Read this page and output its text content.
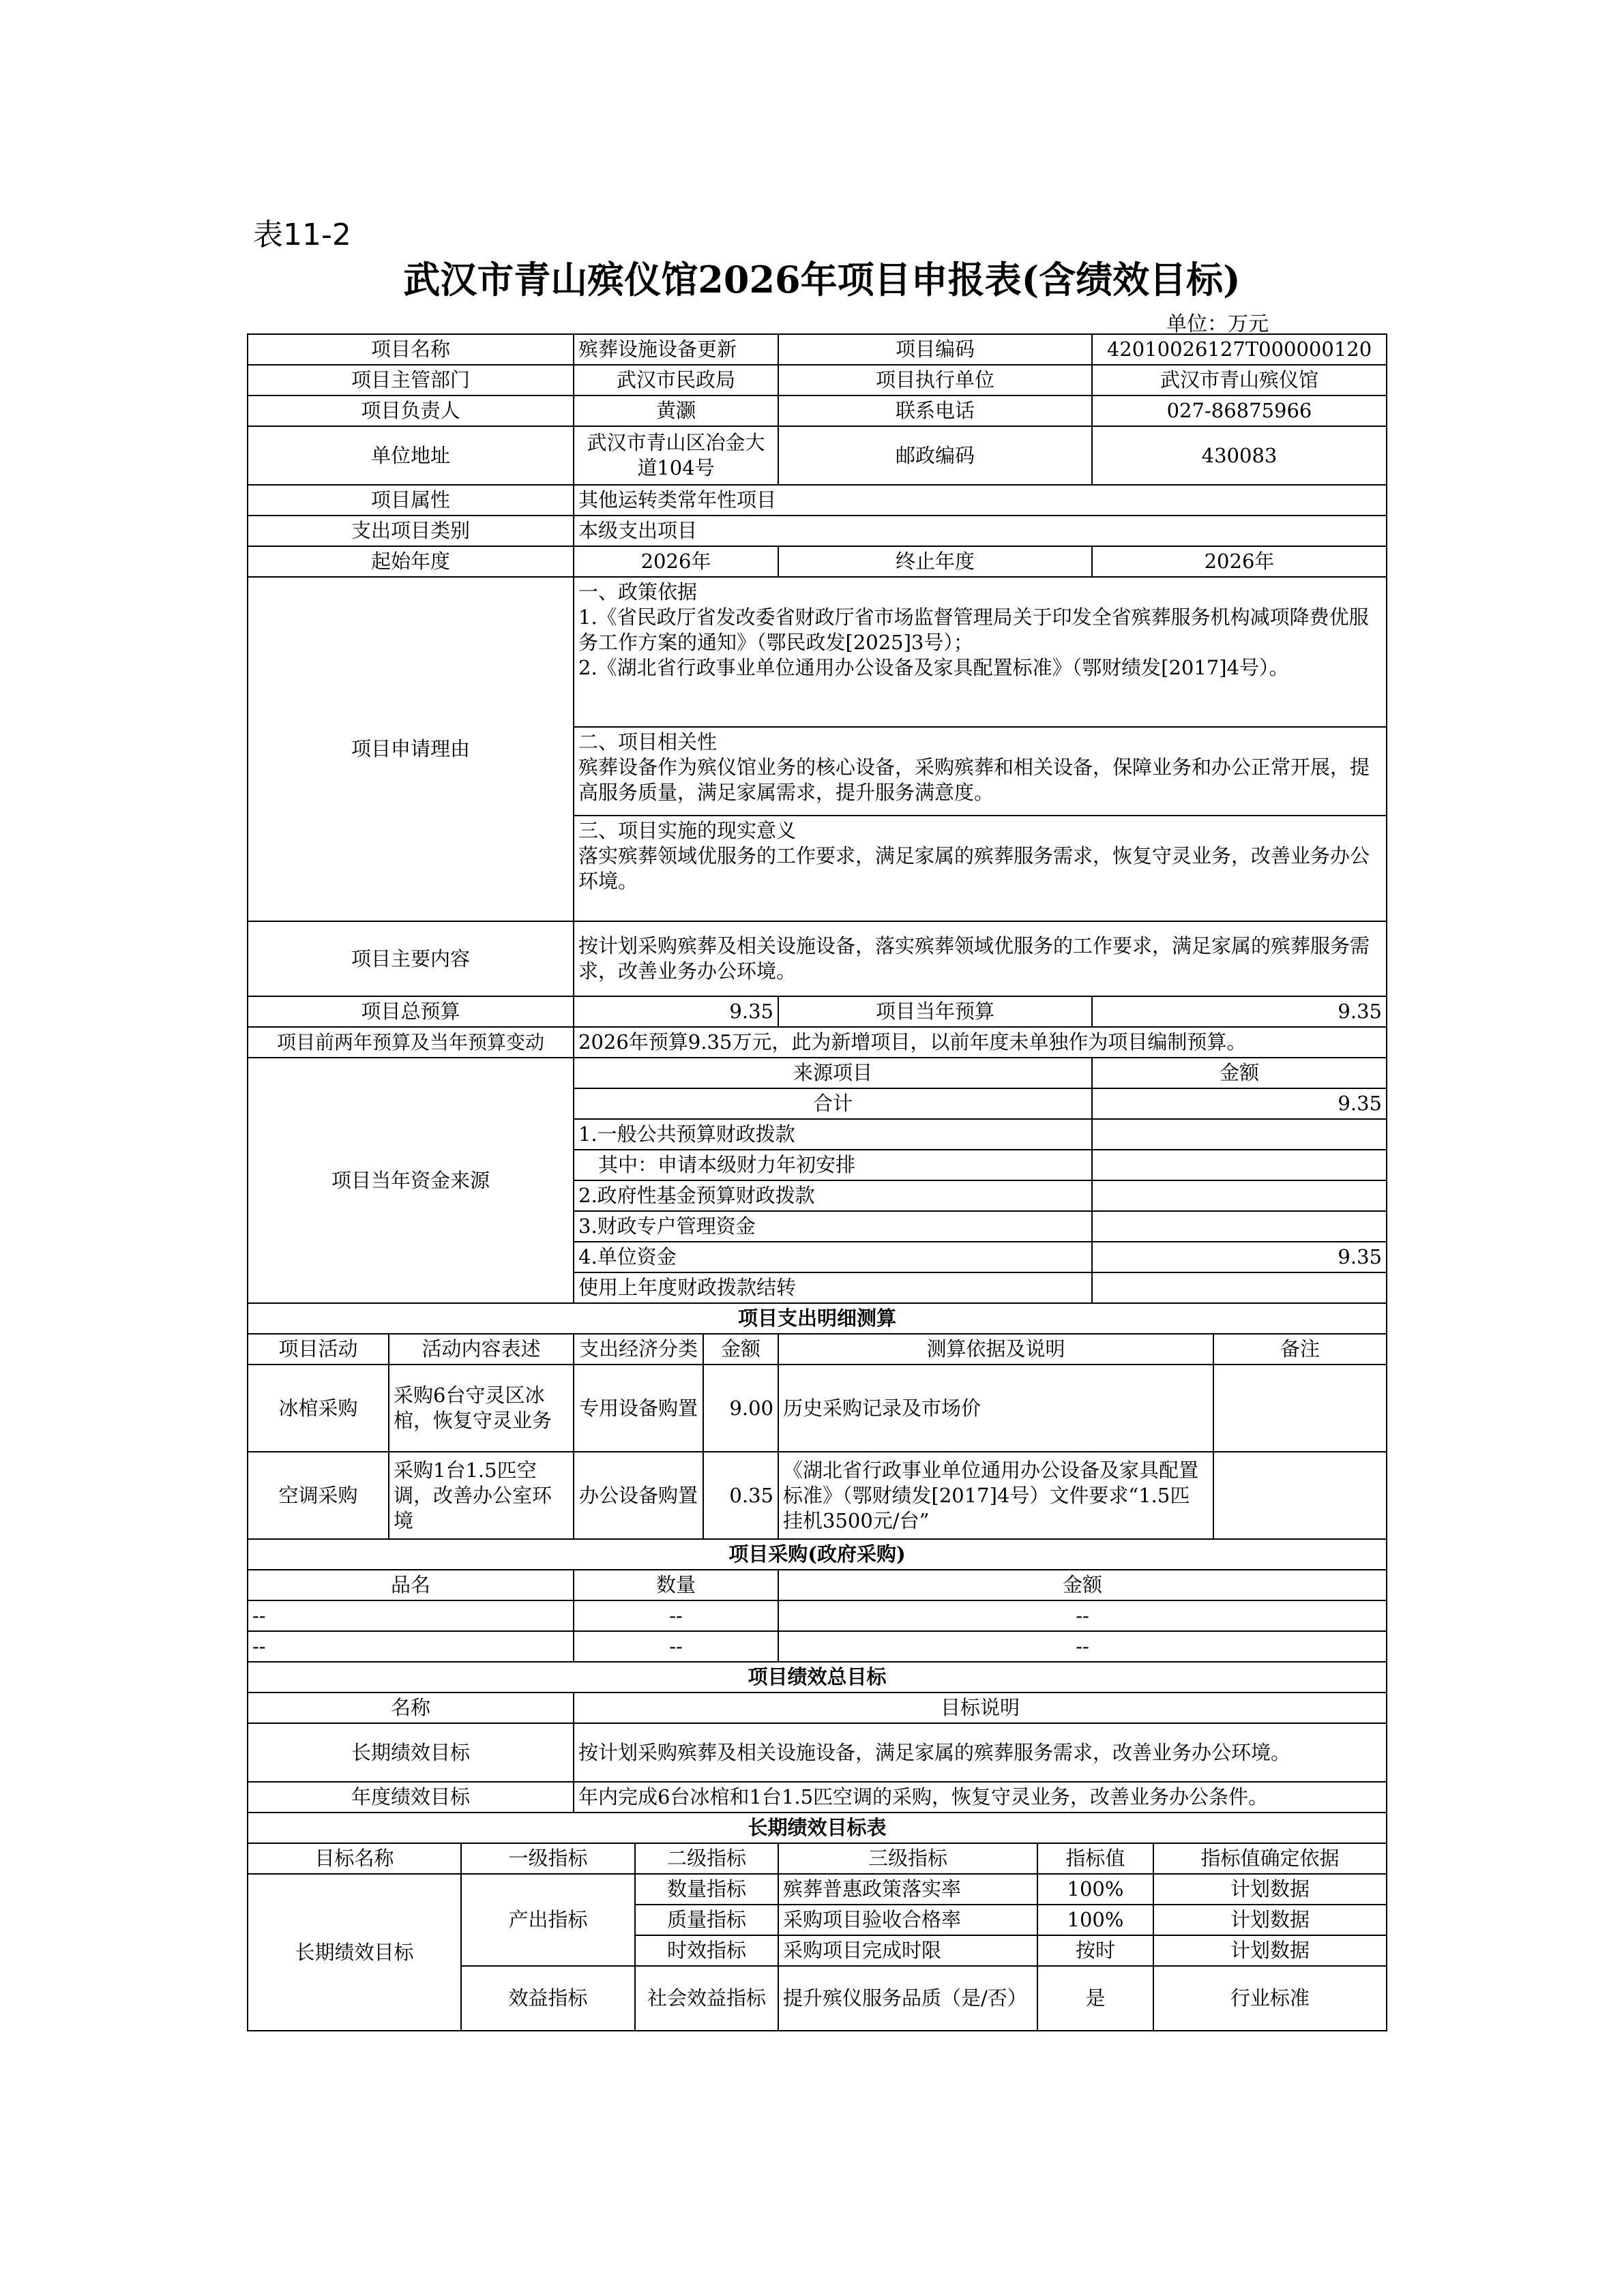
表11-2
武汉市青山殡仪馆2026年项目申报表(含绩效目标)
单位：万元
项目名称	殡葬设施设备更新	项目编码	42010026127T000000120
项目主管部门	武汉市民政局	项目执行单位	武汉市青山殡仪馆
项目负责人	黄灏	联系电话	027-86875966
单位地址	武汉市青山区冶金大道104号	邮政编码	430083
项目属性	其他运转类常年性项目		
支出项目类别	本级支出项目		
起始年度	2026年	终止年度	2026年
项目申请理由	一、政策依据
1.《省民政厅省发改委省财政厅省市场监督管理局关于印发全省殡葬服务机构减项降费优服务工作方案的通知》（鄂民政发[2025]3号）；
2.《湖北省行政事业单位通用办公设备及家具配置标准》（鄂财绩发[2017]4号）。		

	二、项目相关性
殡葬设备作为殡仪馆业务的核心设备，采购殡葬和相关设备，保障业务和办公正常开展，提高服务质量，满足家属需求，提升服务满意度。		

	三、项目实施的现实意义
落实殡葬领域优服务的工作要求，满足家属的殡葬服务需求，恢复守灵业务，改善业务办公环境。		

项目主要内容	按计划采购殡葬及相关设施设备，落实殡葬领域优服务的工作要求，满足家属的殡葬服务需求，改善业务办公环境。		
项目总预算	9.35	项目当年预算	9.35
项目前两年预算及当年预算变动	2026年预算9.35万元，此为新增项目，以前年度未单独作为项目编制预算。		
项目当年资金来源	来源项目		金额
	合计		9.35
	1.一般公共预算财政拨款		
	　其中：申请本级财力年初安排		
	2.政府性基金预算财政拨款		
	3.财政专户管理资金		
	4.单位资金		9.35
	使用上年度财政拨款结转		
项目支出明细测算			
项目活动	活动内容表述	支出经济分类	金额	测算依据及说明	备注
冰棺采购	采购6台守灵区冰棺，恢复守灵业务	专用设备购置	9.00	历史采购记录及市场价	
空调采购	采购1台1.5匹空调，改善办公室环境	办公设备购置	0.35	《湖北省行政事业单位通用办公设备及家具配置标准》（鄂财绩发[2017]4号）文件要求“1.5匹挂机3500元/台”	
项目采购(政府采购)		
品名	数量	金额
--	--	--
--	--	--
项目绩效总目标		
名称	目标说明	
长期绩效目标	按计划采购殡葬及相关设施设备，满足家属的殡葬服务需求，改善业务办公环境。	
年度绩效目标	年内完成6台冰棺和1台1.5匹空调的采购，恢复守灵业务，改善业务办公条件。	
长期绩效目标表		
目标名称	一级指标	二级指标	三级指标	指标值	指标值确定依据
长期绩效目标	产出指标	数量指标	殡葬普惠政策落实率	100%	计划数据
		质量指标	采购项目验收合格率	100%	计划数据
		时效指标	采购项目完成时限	按时	计划数据
	效益指标	社会效益指标	提升殡仪服务品质（是/否）	是	行业标准
